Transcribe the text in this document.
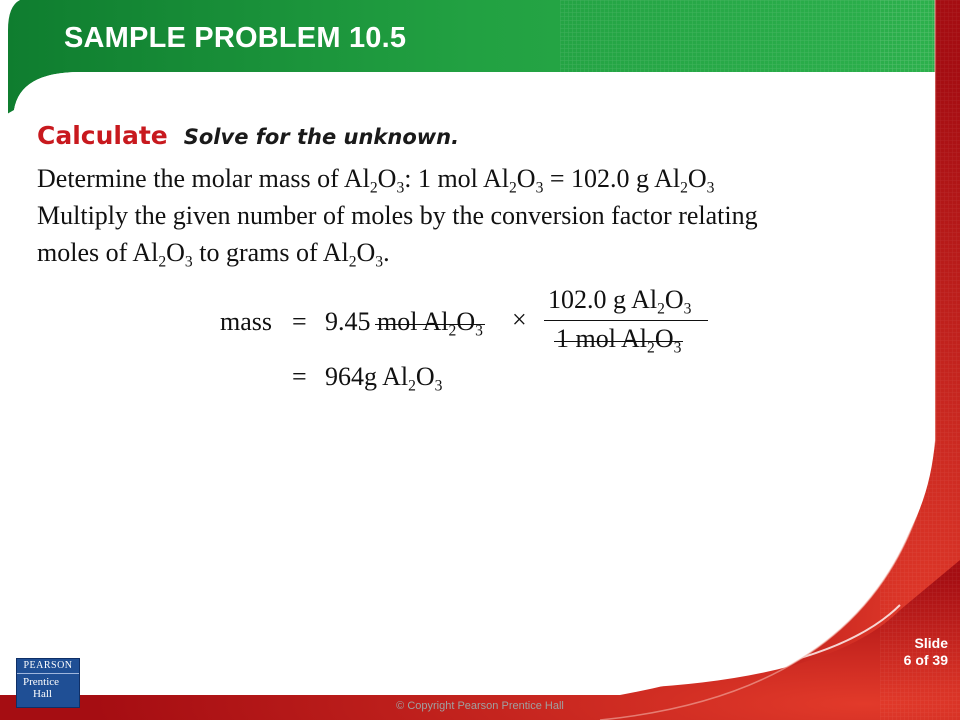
SAMPLE PROBLEM 10.5
Calculate Solve for the unknown.
Determine the molar mass of $Al_2O_3$: 1 mol $Al_2O_3 = 102.0$ g $Al_2O_3$
Multiply the given number of moles by the conversion factor relating
moles of $Al_2O_3$ to grams of $Al_2O_3$.
mass = 9.45 mol $Al_2O_3$ ×
102.0 g $Al_2O_3$
1 mol $Al_2O_3$
= 964g $Al_2O_3$
Slide
6 of 39
PEARSON
Prentice
Hall
© Copyright Pearson Prentice Hall
